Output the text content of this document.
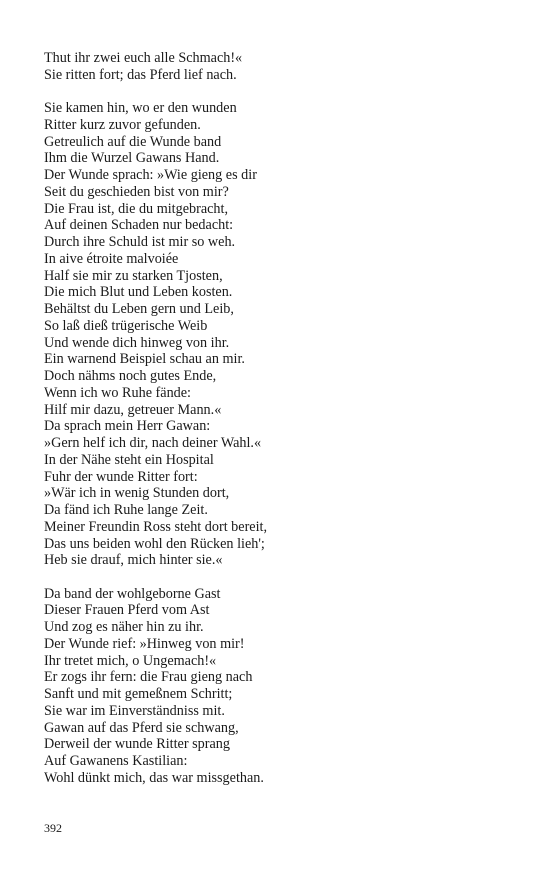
Thut ihr zwei euch alle Schmach!«
Sie ritten fort; das Pferd lief nach.
Sie kamen hin, wo er den wunden
Ritter kurz zuvor gefunden.
Getreulich auf die Wunde band
Ihm die Wurzel Gawans Hand.
Der Wunde sprach: »Wie gieng es dir
Seit du geschieden bist von mir?
Die Frau ist, die du mitgebracht,
Auf deinen Schaden nur bedacht:
Durch ihre Schuld ist mir so weh.
In aive étroite malvoiée
Half sie mir zu starken Tjosten,
Die mich Blut und Leben kosten.
Behältst du Leben gern und Leib,
So laß dieß trügerische Weib
Und wende dich hinweg von ihr.
Ein warnend Beispiel schau an mir.
Doch nähms noch gutes Ende,
Wenn ich wo Ruhe fände:
Hilf mir dazu, getreuer Mann.«
Da sprach mein Herr Gawan:
»Gern helf ich dir, nach deiner Wahl.«
In der Nähe steht ein Hospital
Fuhr der wunde Ritter fort:
»Wär ich in wenig Stunden dort,
Da fänd ich Ruhe lange Zeit.
Meiner Freundin Ross steht dort bereit,
Das uns beiden wohl den Rücken lieh';
Heb sie drauf, mich hinter sie.«
Da band der wohlgeborne Gast
Dieser Frauen Pferd vom Ast
Und zog es näher hin zu ihr.
Der Wunde rief: »Hinweg von mir!
Ihr tretet mich, o Ungemach!«
Er zogs ihr fern: die Frau gieng nach
Sanft und mit gemeßnem Schritt;
Sie war im Einverständniss mit.
Gawan auf das Pferd sie schwang,
Derweil der wunde Ritter sprang
Auf Gawanens Kastilian:
Wohl dünkt mich, das war missgethan.
392
